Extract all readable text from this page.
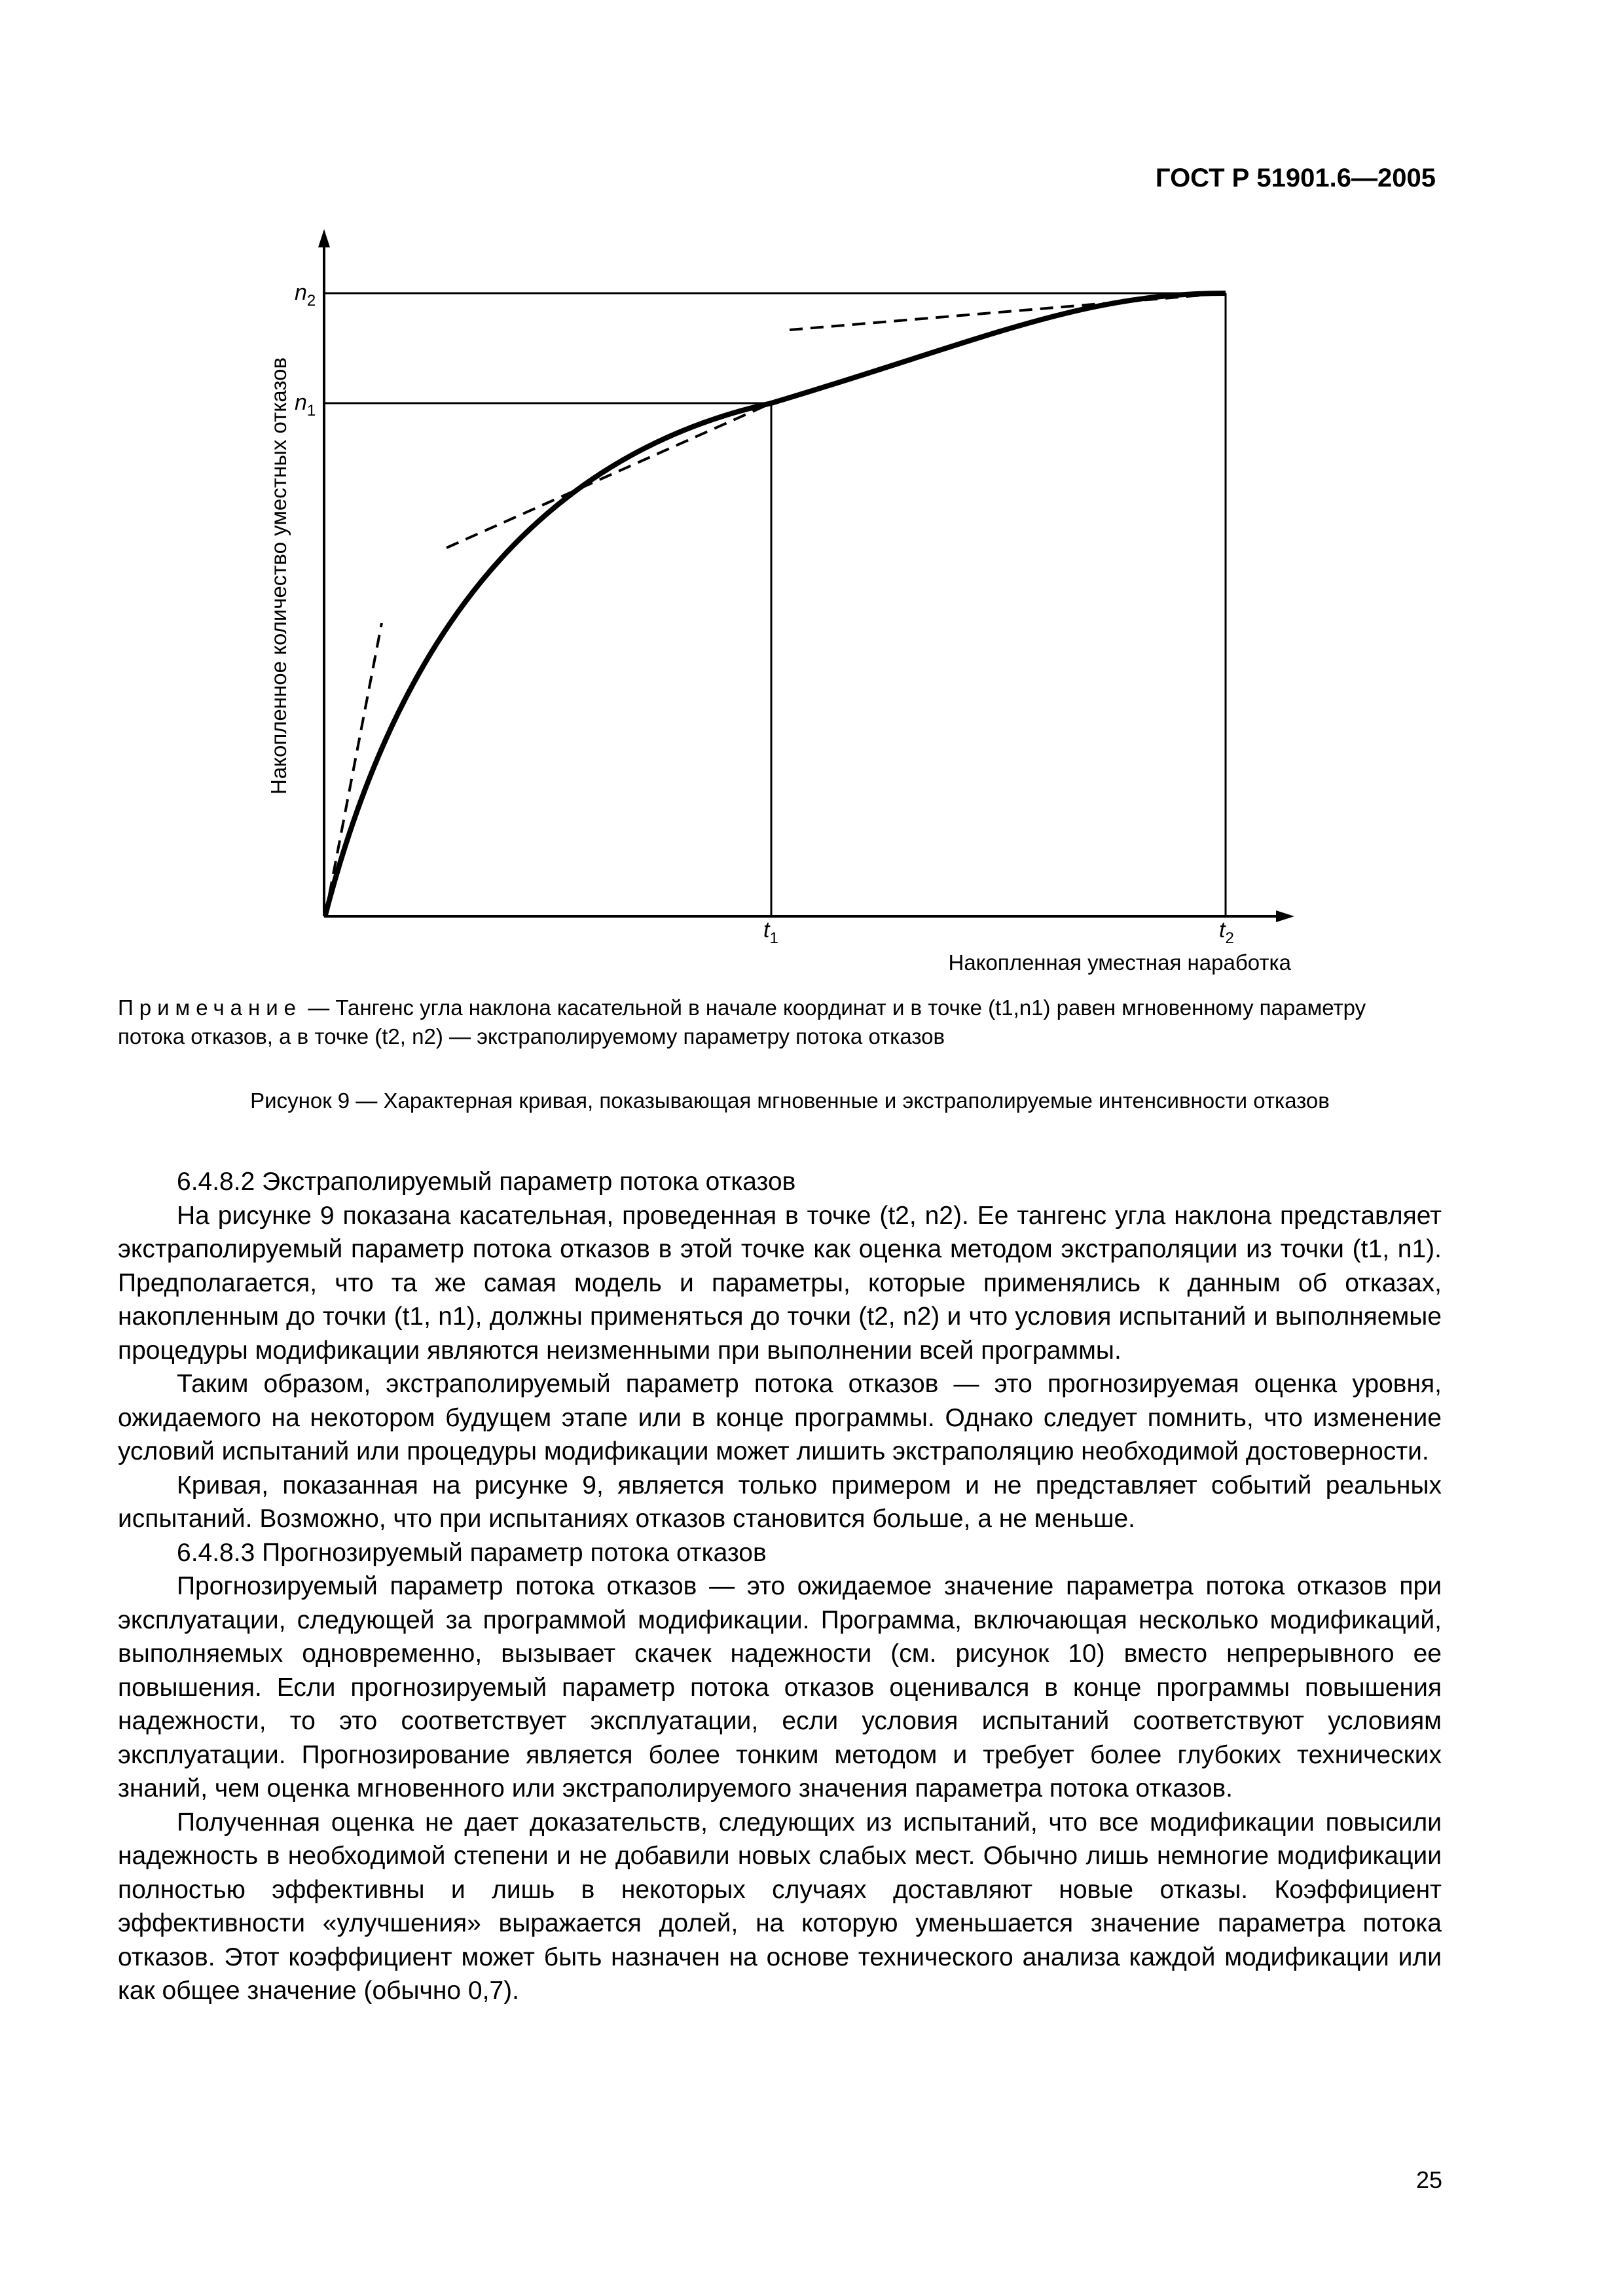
ГОСТ Р 51901.6—2005
Накопленное количество уместных отказов
Накопленная уместная наработка
$n_2$
$n_1$
$t_1$	$t_2$
Примечание — Тангенс угла наклона касательной в начале координат и в точке (t1,n1) равен мгновенному параметру потока отказов, а в точке (t2, n2) — экстраполируемому параметру потока отказов
Рисунок 9 — Характерная кривая, показывающая мгновенные и экстраполируемые интенсивности отказов

6.4.8.2 Экстраполируемый параметр потока отказов

На рисунке 9 показана касательная, проведенная в точке (t2, n2). Ее тангенс угла наклона представляет экстраполируемый параметр потока отказов в этой точке как оценка методом экстраполяции из точки (t1, n1). Предполагается, что та же самая модель и параметры, которые применялись к данным об отказах, накопленным до точки (t1, n1), должны применяться до точки (t2, n2) и что условия испытаний и выполняемые процедуры модификации являются неизменными при выполнении всей программы.

Таким образом, экстраполируемый параметр потока отказов — это прогнозируемая оценка уровня, ожидаемого на некотором будущем этапе или в конце программы. Однако следует помнить, что изменение условий испытаний или процедуры модификации может лишить экстраполяцию необходимой достоверности.

Кривая, показанная на рисунке 9, является только примером и не представляет событий реальных испытаний. Возможно, что при испытаниях отказов становится больше, а не меньше.

6.4.8.3 Прогнозируемый параметр потока отказов

Прогнозируемый параметр потока отказов — это ожидаемое значение параметра потока отказов при эксплуатации, следующей за программой модификации. Программа, включающая несколько модификаций, выполняемых одновременно, вызывает скачек надежности (см. рисунок 10) вместо непрерывного ее повышения. Если прогнозируемый параметр потока отказов оценивался в конце программы повышения надежности, то это соответствует эксплуатации, если условия испытаний соответствуют условиям эксплуатации. Прогнозирование является более тонким методом и требует более глубоких технических знаний, чем оценка мгновенного или экстраполируемого значения параметра потока отказов.

Полученная оценка не дает доказательств, следующих из испытаний, что все модификации повысили надежность в необходимой степени и не добавили новых слабых мест. Обычно лишь немногие модификации полностью эффективны и лишь в некоторых случаях доставляют новые отказы. Коэффициент эффективности «улучшения» выражается долей, на которую уменьшается значение параметра потока отказов. Этот коэффициент может быть назначен на основе технического анализа каждой модификации или как общее значение (обычно 0,7).

25
